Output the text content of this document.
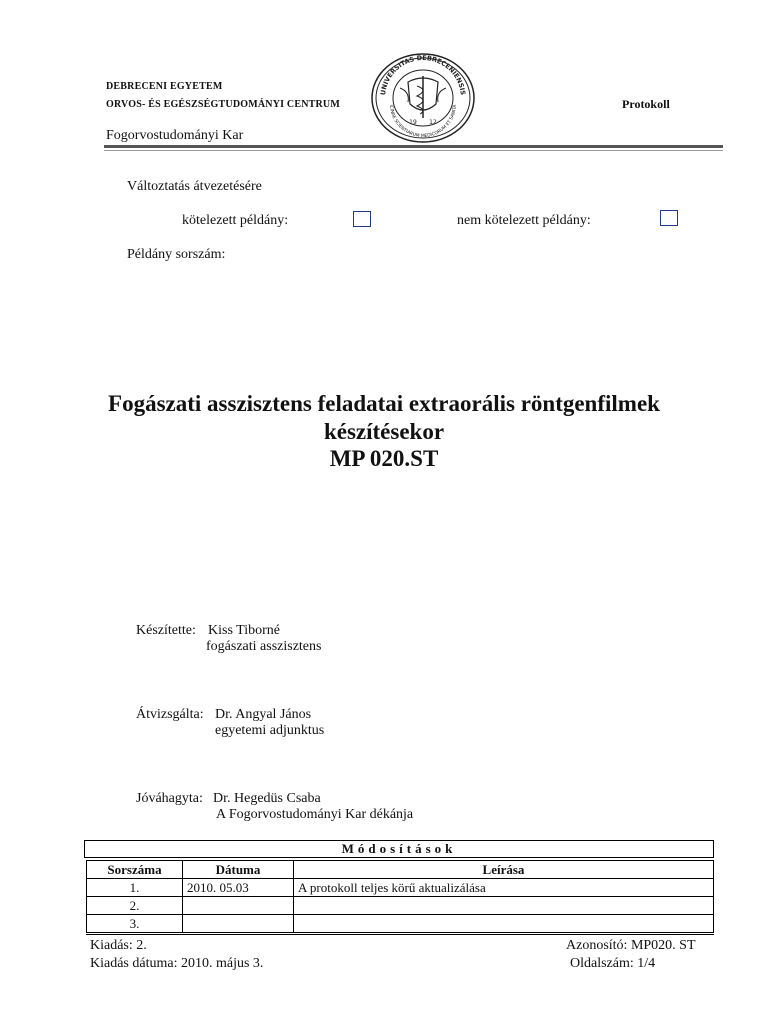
DEBRECENI EGYETEM
ORVOS- ÉS EGÉSZSÉGTUDOMÁNYI CENTRUM
Fogorvostudományi Kar
Protokoll
UNIVERSITAS DEBRECENIENSIS
ICINAE SCIENTIARUM MEDICORUM ET SANITA
19 12
Változtatás átvezetésére
kötelezett példány:	nem kötelezett példány:
Példány sorszám:
Fogászati asszisztens feladatai extraorális röntgenfilmek
készítésekor
MP 020.ST
Készítette: Kiss Tiborné
fogászati asszisztens
Átvizsgálta: Dr. Angyal János
egyetemi adjunktus
Jóváhagyta: Dr. Hegedüs Csaba
A Fogorvostudományi Kar dékánja
Módosítások
Sorszáma	Dátuma	Leírása
1.	2010. 05.03	A protokoll teljes körű aktualizálása
2.		
3.		
Kiadás: 2.
Kiadás dátuma: 2010. május 3.
Azonosító: MP020. ST
Oldalszám: 1/4
